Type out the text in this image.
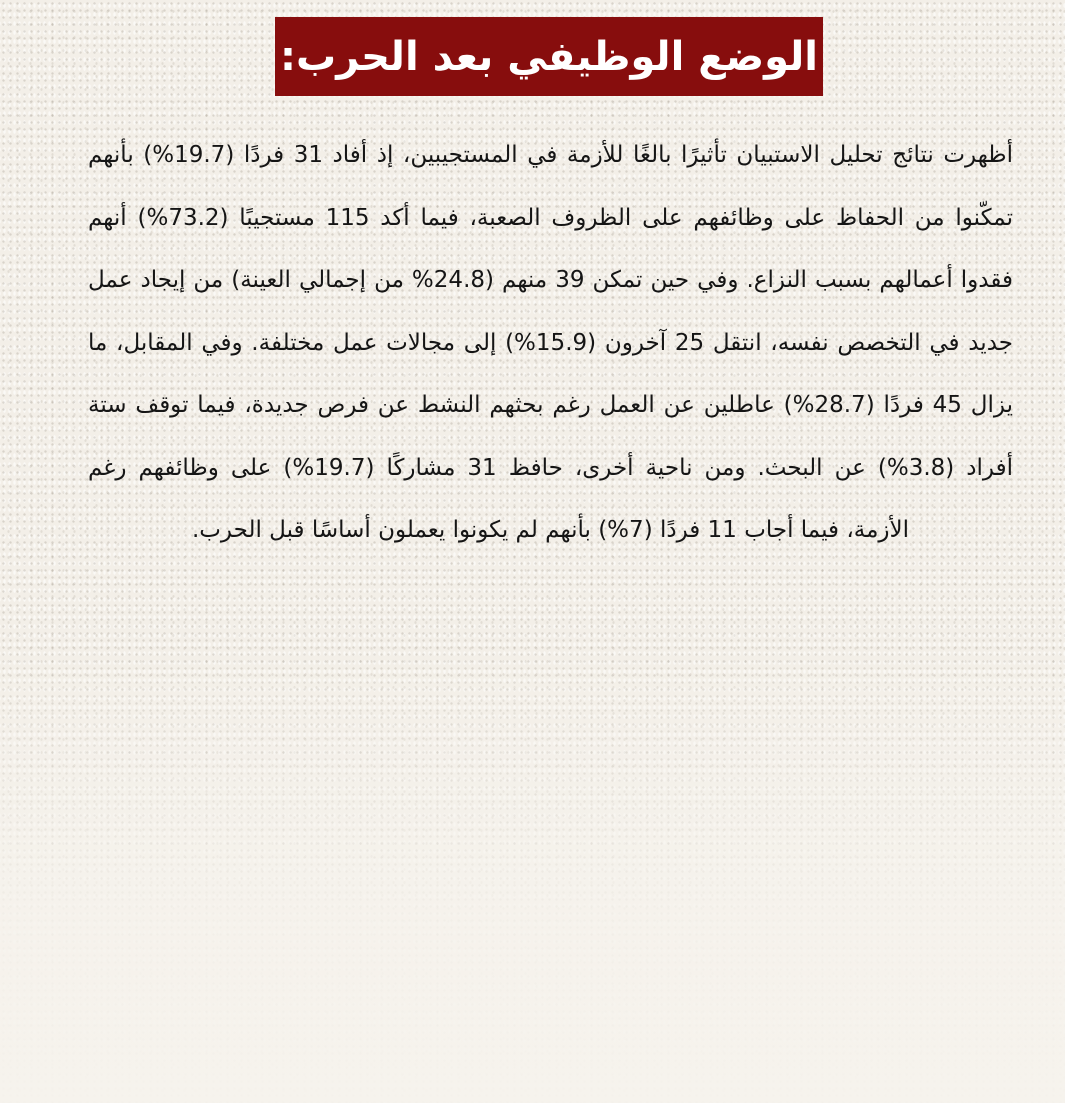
الوضع الوظيفي بعد الحرب:

أظهرت نتائج تحليل الاستبيان تأثيرًا بالغًا للأزمة في المستجيبين، إذ أفاد 31 فردًا (19.7%) بأنهم تمكّنوا من الحفاظ على وظائفهم على الظروف الصعبة، فيما أكد 115 مستجيبًا (73.2%) أنهم فقدوا أعمالهم بسبب النزاع. وفي حين تمكن 39 منهم (24.8% من إجمالي العينة) من إيجاد عمل جديد في التخصص نفسه، انتقل 25 آخرون (15.9%) إلى مجالات عمل مختلفة. وفي المقابل، ما يزال 45 فردًا (28.7%) عاطلين عن العمل رغم بحثهم النشط عن فرص جديدة، فيما توقف ستة أفراد (3.8%) عن البحث. ومن ناحية أخرى، حافظ 31 مشاركًا (19.7%) على وظائفهم رغم الأزمة، فيما أجاب 11 فردًا (7%) بأنهم لم يكونوا يعملون أساسًا قبل الحرب.
